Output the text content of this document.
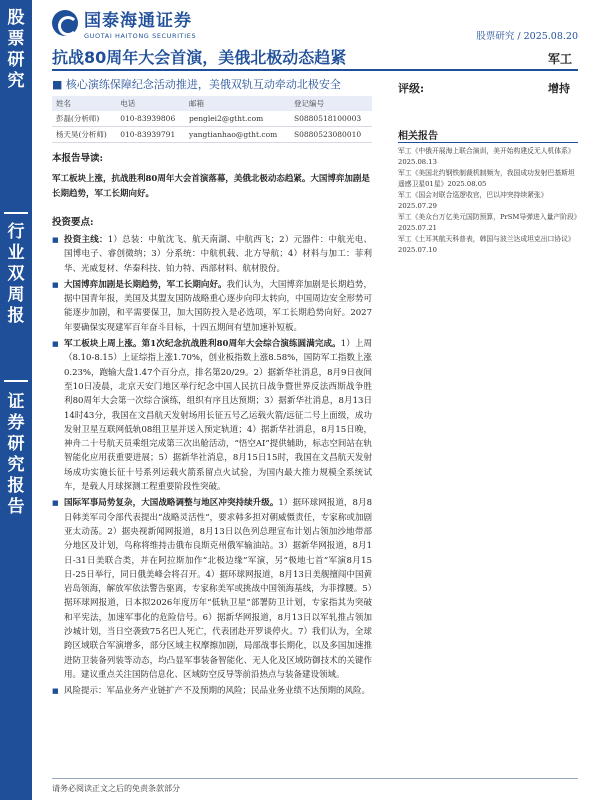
股票研究
行业双周报
证券研究报告
国泰海通证券
GUOTAI HAITONG SECURITIES	股票研究 / 2025.08.20
抗战80周年大会首演，美俄北极动态趋紧	军工
■ 核心演练保障纪念活动推进，美俄双轨互动牵动北极安全	评级:	增持
姓名	电话	邮箱	登记编号
彭磊(分析师)	010-83939806	penglei2@gtht.com	S0880518100003
杨天昊(分析师)	010-83939791	yangtianhao@gtht.com	S0880523080010
本报告导读:
军工板块上涨，抗战胜利80周年大会首演落幕，美俄北极动态趋紧。大国博弈加剧是长期趋势，军工长期向好。
投资要点:
■ 投资主线：1）总装：中航沈飞、航天南湖、中航西飞；2）元器件：中航光电、国博电子、睿创微纳；3）分系统：中航机载、北方导航；4）材料与加工：菲利华、光威复材、华秦科技、铂力特、西部材料、航材股份。
■ 大国博弈加剧是长期趋势，军工长期向好。我们认为，大国博弈加剧是长期趋势，据中国青年报，美国及其盟友国防战略重心逐步向印太转向，中国周边安全形势可能逐步加剧，和平需要保卫，加大国防投入是必选项，军工长期趋势向好。2027年要确保实现建军百年奋斗目标，十四五期间有望加速补短板。
■ 军工板块上周上涨。第1次纪念抗战胜利80周年大会综合演练圆满完成。1）上周（8.10-8.15）上证综指上涨1.70%，创业板指数上涨8.58%，国防军工指数上涨0.23%，跑输大盘1.47个百分点，排名第20/29。2）据新华社消息，8月9日夜间至10日凌晨，北京天安门地区举行纪念中国人民抗日战争暨世界反法西斯战争胜利80周年大会第一次综合演练，组织有序且达预期；3）据新华社消息，8月13日14时43分，我国在文昌航天发射场用长征五号乙运载火箭/远征二号上面级，成功发射卫星互联网低轨08组卫星并送入预定轨道；4）据新华社消息，8月15日晚，神舟二十号航天员乘组完成第三次出舱活动，“悟空AI”提供辅助，标志空间站在轨智能化应用获重要进展；5）据新华社消息，8月15日15时，我国在文昌航天发射场成功实施长征十号系列运载火箭系留点火试验，为国内最大推力规模全系统试车，是载人月球探测工程重要阶段性突破。
■ 国际军事局势复杂，大国战略调整与地区冲突持续升级。1）据环球网报道，8月8日韩美军司令部代表提出“战略灵活性”，要求韩多担对朝威慑责任，专家称或加剧亚太动荡。2）据央视新闻网报道，8月13日以色列总理宣布计划占领加沙地带部分地区及计划，鸟称将维持击俄布良斯克州俄军输油站。3）据新华网报道，8月1日-31日美联合类，并在阿拉斯加作“北极边缘”军演，另“极地七首”军演8月15日-25日举行，同日俄美峰会将召开。4）据环球网报道，8月13日美舰擅闯中国黄岩岛领海，解放军依法警告驱离，专家称美军或挑战中国领海基线，为菲撑腰。5）据环球网报道，日本拟2026年度历年“低轨卫星”部署防卫计划，专家指其为突破和平宪法，加速军事化的危险信号。6）据新华网报道，8月13日以军轧推占领加沙城计划，当日空袭致75名巴人死亡，代表团赴开罗谈停火。7）我们认为，全球跨区域联合军演增多，部分区域主权摩擦加剧，局部战事长期化，以及多国加速推进防卫装备列装等动态，均凸显军事装备智能化、无人化及区域防御技术的关键作用。建议重点关注国防信息化、区域防空反导等前沿热点与装备建设领域。
■ 风险提示：军品业务产业链扩产不及预期的风险；民品业务业绩不达预期的风险。
相关报告
军工《中俄开展海上联合演训，美开始构建反无人机体系》2025.08.13
军工《美国北约钢铁制裁机制频为，我国成功发射巴基斯坦遥感卫星01星》2025.08.05
军工《国会对联合巡逻收官，巴以冲突持续紧张》2025.07.29
军工《美众台万亿美元国防预算，PrSM导弹进入量产阶段》2025.07.21
军工《土耳其航天科普表，韩国与波兰达成坦克出口协议》2025.07.10
请务必阅读正文之后的免责条款部分
